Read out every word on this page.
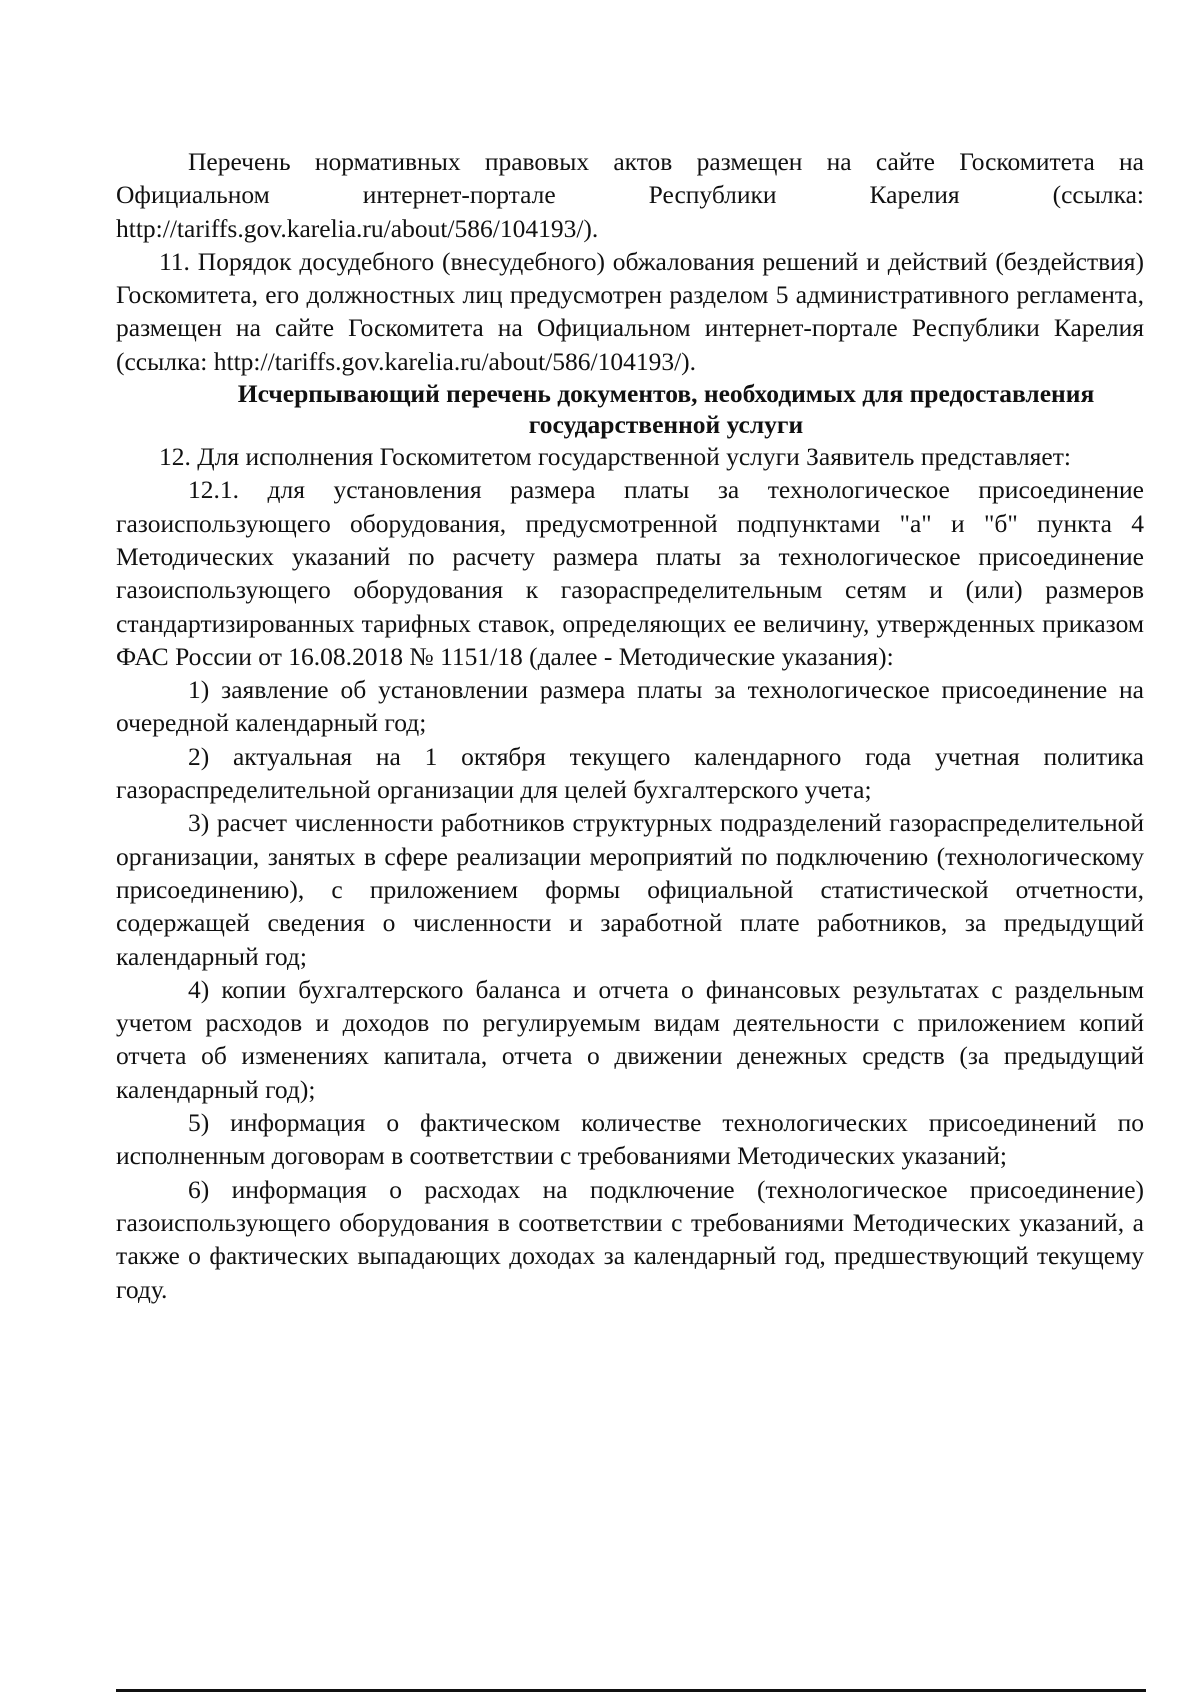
Перечень нормативных правовых актов размещен на сайте Госкомитета на Официальном интернет-портале Республики Карелия (ссылка: http://tariffs.gov.karelia.ru/about/586/104193/).

11. Порядок досудебного (внесудебного) обжалования решений и действий (бездействия) Госкомитета, его должностных лиц предусмотрен разделом 5 административного регламента, размещен на сайте Госкомитета на Официальном интернет-портале Республики Карелия (ссылка: http://tariffs.gov.karelia.ru/about/586/104193/).

Исчерпывающий перечень документов, необходимых для предоставления государственной услуги

12. Для исполнения Госкомитетом государственной услуги Заявитель представляет:

12.1. для установления размера платы за технологическое присоединение газоиспользующего оборудования, предусмотренной подпунктами "а" и "б" пункта 4 Методических указаний по расчету размера платы за технологическое присоединение газоиспользующего оборудования к газораспределительным сетям и (или) размеров стандартизированных тарифных ставок, определяющих ее величину, утвержденных приказом ФАС России от 16.08.2018 № 1151/18 (далее - Методические указания):

1) заявление об установлении размера платы за технологическое присоединение на очередной календарный год;

2) актуальная на 1 октября текущего календарного года учетная политика газораспределительной организации для целей бухгалтерского учета;

3) расчет численности работников структурных подразделений газораспределительной организации, занятых в сфере реализации мероприятий по подключению (технологическому присоединению), с приложением формы официальной статистической отчетности, содержащей сведения о численности и заработной плате работников, за предыдущий календарный год;

4) копии бухгалтерского баланса и отчета о финансовых результатах с раздельным учетом расходов и доходов по регулируемым видам деятельности с приложением копий отчета об изменениях капитала, отчета о движении денежных средств (за предыдущий календарный год);

5) информация о фактическом количестве технологических присоединений по исполненным договорам в соответствии с требованиями Методических указаний;

6) информация о расходах на подключение (технологическое присоединение) газоиспользующего оборудования в соответствии с требованиями Методических указаний, а также о фактических выпадающих доходах за календарный год, предшествующий текущему году.
